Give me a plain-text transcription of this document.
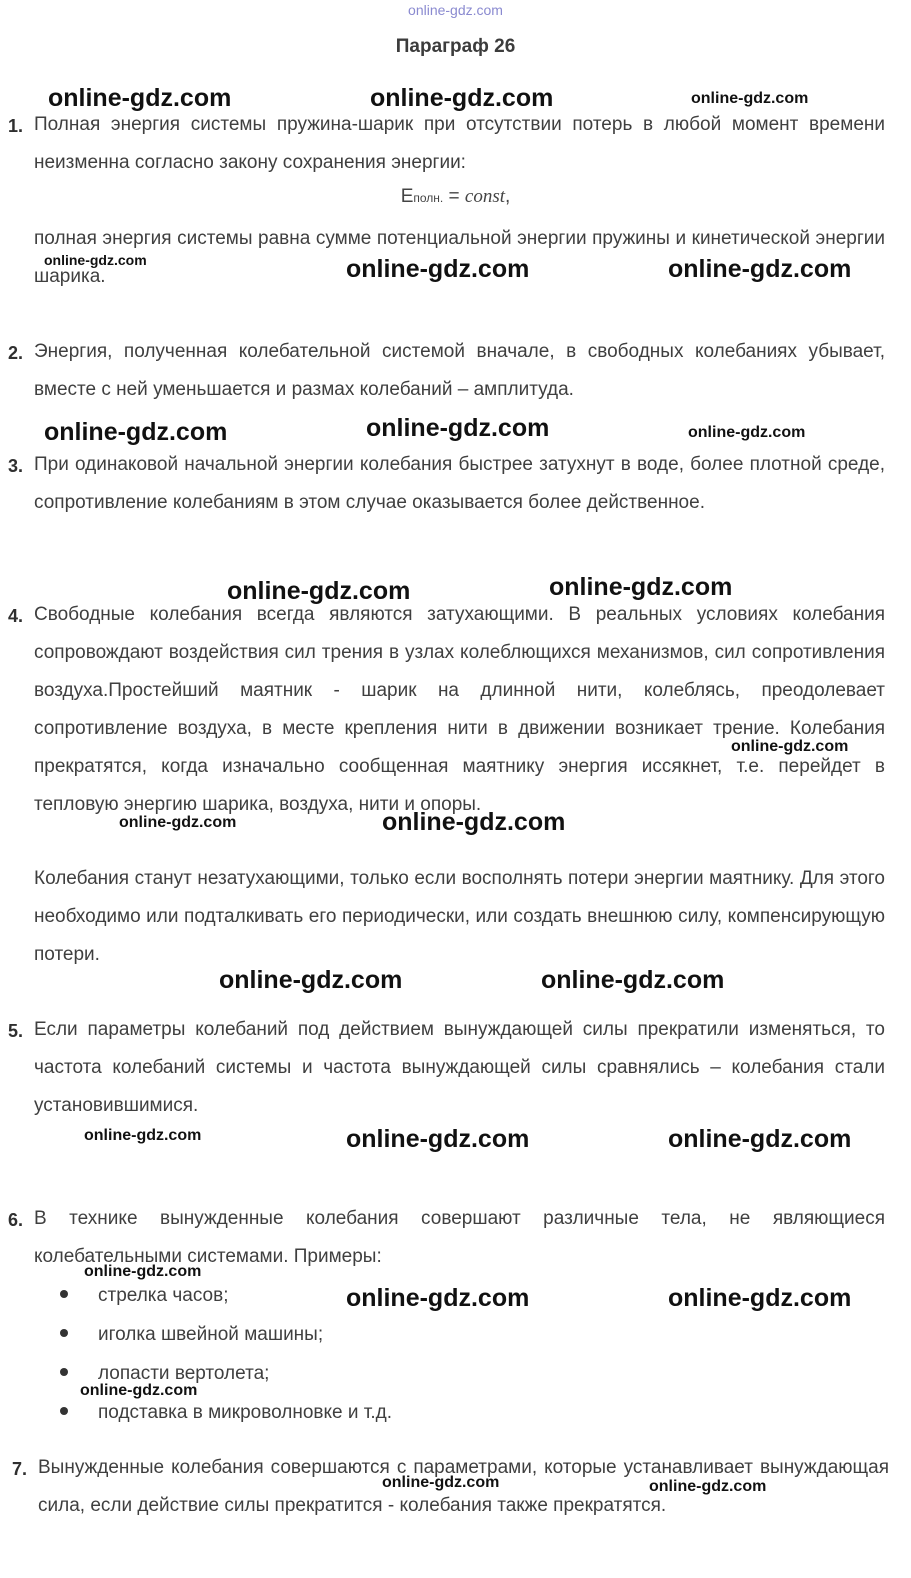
online-gdz.com
Параграф 26
1. Полная энергия системы пружина-шарик при отсутствии потерь в любой момент времени неизменна согласно закону сохранения энергии:
Eполн. = const,
полная энергия системы равна сумме потенциальной энергии пружины и кинетической энергии шарика.
2. Энергия, полученная колебательной системой вначале, в свободных колебаниях убывает, вместе с ней уменьшается и размах колебаний – амплитуда.
3. При одинаковой начальной энергии колебания быстрее затухнут в воде, более плотной среде, сопротивление колебаниям в этом случае оказывается более действенное.
4. Свободные колебания всегда являются затухающими. В реальных условиях колебания сопровождают воздействия сил трения в узлах колеблющихся механизмов, сил сопротивления воздуха.Простейший маятник - шарик на длинной нити, колеблясь, преодолевает сопротивление воздуха, в месте крепления нити в движении возникает трение. Колебания прекратятся, когда изначально сообщенная маятнику энергия иссякнет, т.е. перейдет в тепловую энергию шарика, воздуха, нити и опоры.
Колебания станут незатухающими, только если восполнять потери энергии маятнику. Для этого необходимо или подталкивать его периодически, или создать внешнюю силу, компенсирующую потери.
5. Если параметры колебаний под действием вынуждающей силы прекратили изменяться, то частота колебаний системы и частота вынуждающей силы сравнялись – колебания стали установившимися.
6. В технике вынужденные колебания совершают различные тела, не являющиеся колебательными системами. Примеры:
стрелка часов;
иголка швейной машины;
лопасти вертолета;
подставка в микроволновке и т.д.
7. Вынужденные колебания совершаются с параметрами, которые устанавливает вынуждающая сила, если действие силы прекратится - колебания также прекратятся.
online-gdz.com	online-gdz.com	online-gdz.com
online-gdz.com	online-gdz.com	online-gdz.com
online-gdz.com	online-gdz.com	online-gdz.com
online-gdz.com	online-gdz.com
online-gdz.com
online-gdz.com	online-gdz.com
online-gdz.com	online-gdz.com
online-gdz.com	online-gdz.com	online-gdz.com
online-gdz.com
online-gdz.com	online-gdz.com
online-gdz.com
online-gdz.com	online-gdz.com
